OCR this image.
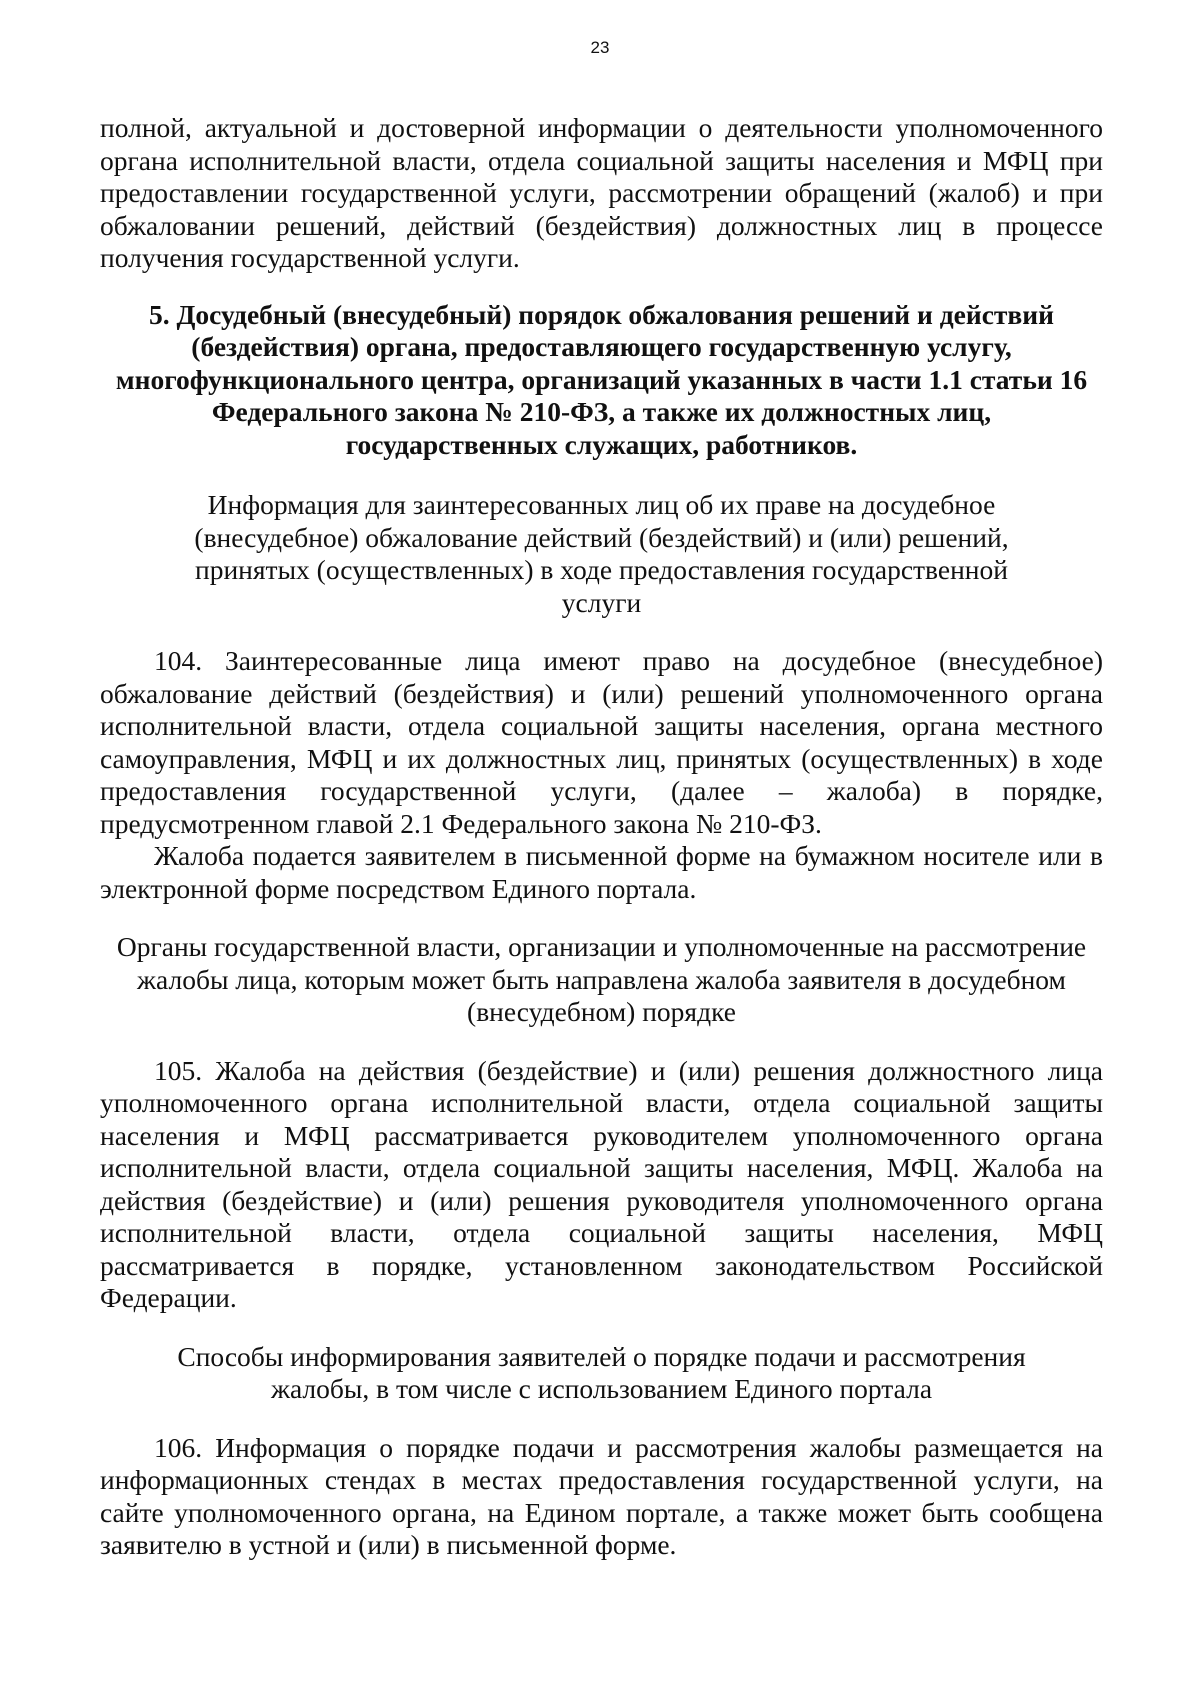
23

полной, актуальной и достоверной информации о деятельности уполномоченного органа исполнительной власти, отдела социальной защиты населения и МФЦ при предоставлении государственной услуги, рассмотрении обращений (жалоб) и при обжаловании решений, действий (бездействия) должностных лиц в процессе получения государственной услуги.

5. Досудебный (внесудебный) порядок обжалования решений и действий (бездействия) органа, предоставляющего государственную услугу, многофункционального центра, организаций указанных в части 1.1 статьи 16 Федерального закона № 210-ФЗ, а также их должностных лиц, государственных служащих, работников.
Информация для заинтересованных лиц об их праве на досудебное (внесудебное) обжалование действий (бездействий) и (или) решений, принятых (осуществленных) в ходе предоставления государственной услуги

104. Заинтересованные лица имеют право на досудебное (внесудебное) обжалование действий (бездействия) и (или) решений уполномоченного органа исполнительной власти, отдела социальной защиты населения, органа местного самоуправления, МФЦ и их должностных лиц, принятых (осуществленных) в ходе предоставления государственной услуги, (далее – жалоба) в порядке, предусмотренном главой 2.1 Федерального закона № 210-ФЗ.

Жалоба подается заявителем в письменной форме на бумажном носителе или в электронной форме посредством Единого портала.

Органы государственной власти, организации и уполномоченные на рассмотрение жалобы лица, которым может быть направлена жалоба заявителя в досудебном (внесудебном) порядке

105. Жалоба на действия (бездействие) и (или) решения должностного лица уполномоченного органа исполнительной власти, отдела социальной защиты населения и МФЦ рассматривается руководителем уполномоченного органа исполнительной власти, отдела социальной защиты населения, МФЦ. Жалоба на действия (бездействие) и (или) решения руководителя уполномоченного органа исполнительной власти, отдела социальной защиты населения, МФЦ рассматривается в порядке, установленном законодательством Российской Федерации.

Способы информирования заявителей о порядке подачи и рассмотрения жалобы, в том числе с использованием Единого портала

106. Информация о порядке подачи и рассмотрения жалобы размещается на информационных стендах в местах предоставления государственной услуги, на сайте уполномоченного органа, на Едином портале, а также может быть сообщена заявителю в устной и (или) в письменной форме.
